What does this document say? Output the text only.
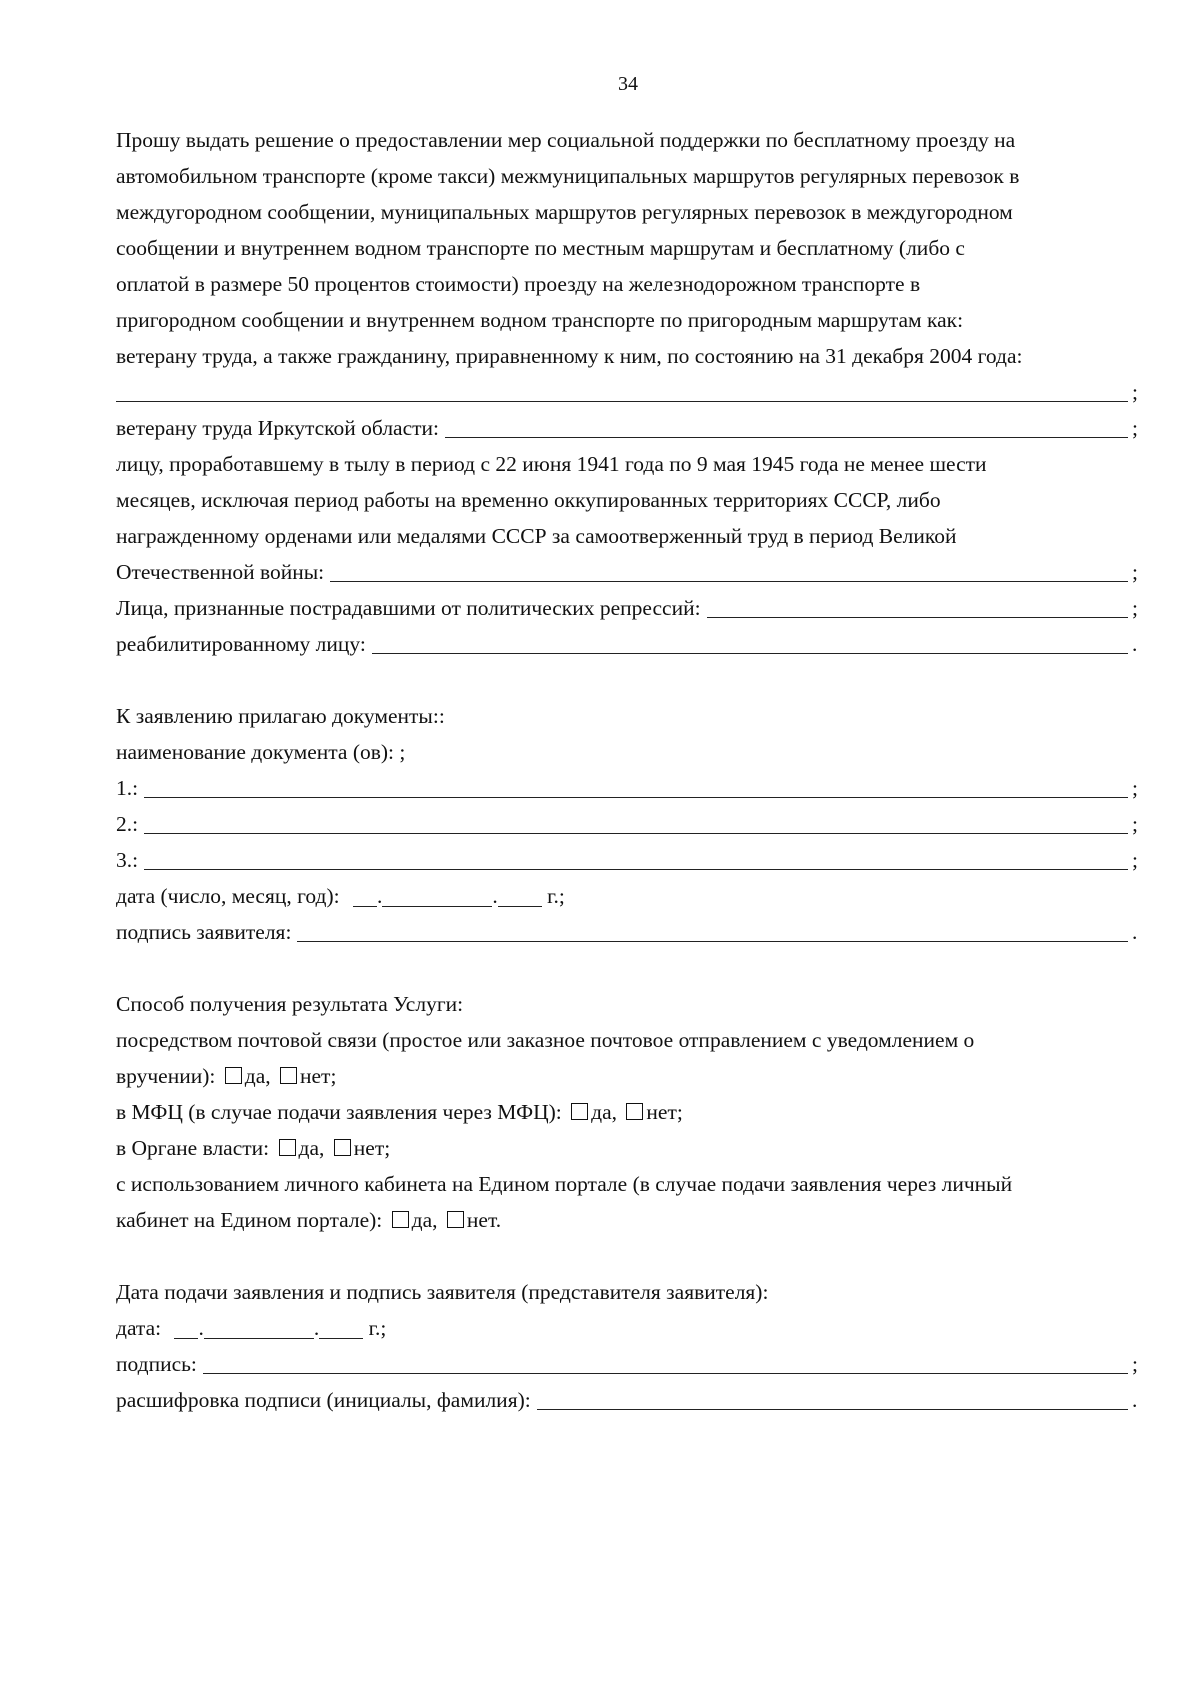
34
Прошу выдать решение о предоставлении мер социальной поддержки по бесплатному проезду на
автомобильном транспорте (кроме такси) межмуниципальных маршрутов регулярных перевозок в
междугородном сообщении, муниципальных маршрутов регулярных перевозок в междугородном
сообщении и внутреннем водном транспорте по местным маршрутам и бесплатному (либо с
оплатой в размере 50 процентов стоимости) проезду на железнодорожном транспорте в
пригородном сообщении и внутреннем водном транспорте по пригородным маршрутам как:
ветерану труда, а также гражданину, приравненному к ним, по состоянию на 31 декабря 2004 года:
;
ветерану труда Иркутской области:	;
лицу, проработавшему в тылу в период с 22 июня 1941 года по 9 мая 1945 года не менее шести
месяцев, исключая период работы на временно оккупированных территориях СССР, либо
награжденному орденами или медалями СССР за самоотверженный труд в период Великой
Отечественной войны:	;
Лица, признанные пострадавшими от политических репрессий:	;
реабилитированному лицу:	.
К заявлению прилагаю документы::
наименование документа (ов): ;
1.:	;
2.:	;
3.:	;
дата (число, месяц, год): .	. г.;
подпись заявителя:	.
Способ получения результата Услуги:
посредством почтовой связи (простое или заказное почтовое отправлением с уведомлением о
вручении): да, нет;
в МФЦ (в случае подачи заявления через МФЦ): да, нет;
в Органе власти: да, нет;
с использованием личного кабинета на Едином портале (в случае подачи заявления через личный
кабинет на Едином портале): да, нет.
Дата подачи заявления и подпись заявителя (представителя заявителя):
дата: .	. г.;
подпись:	;
расшифровка подписи (инициалы, фамилия):	.
